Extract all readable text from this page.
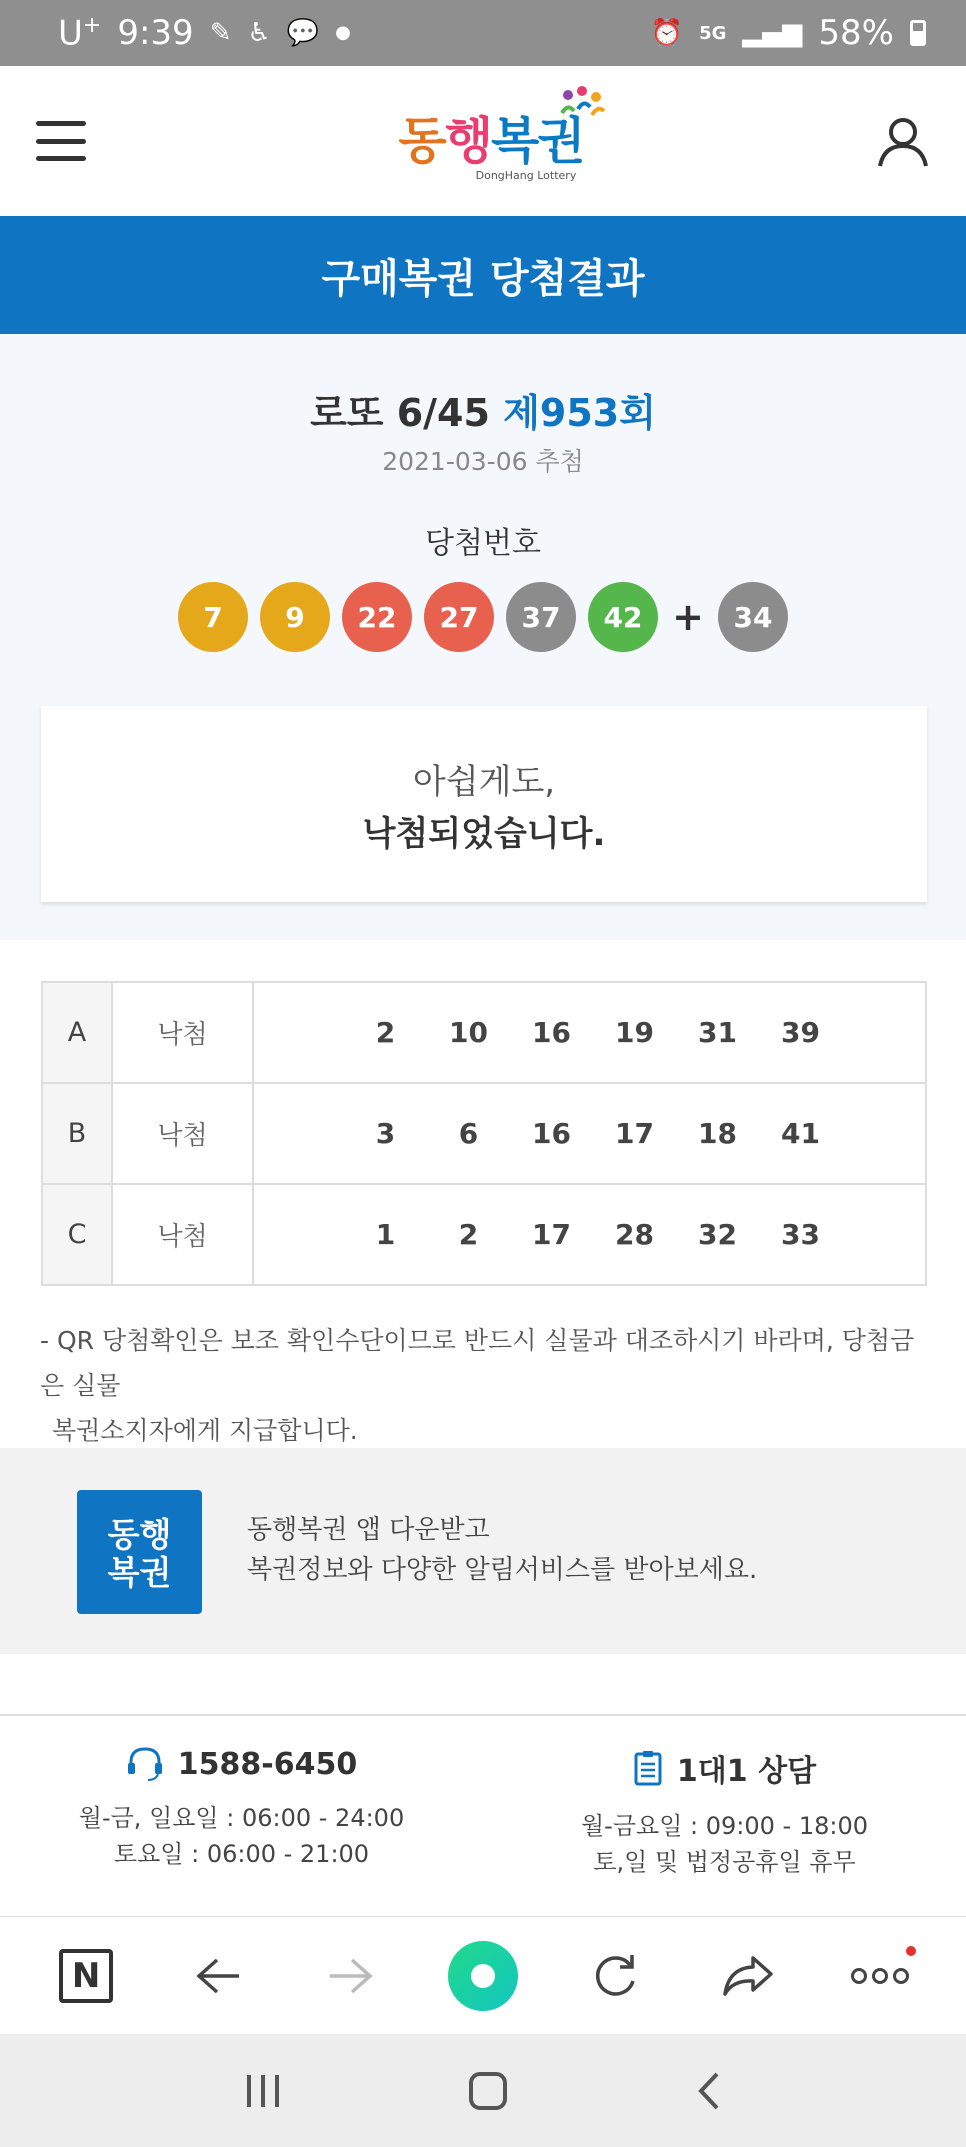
U+ 9:39 ✎ ♿ 💬 ●	⏰ 5G ▂▄▆ 58%
동행복권
DongHang Lottery
구매복권 당첨결과
로또 6/45 제953회
2021-03-06 추첨
당첨번호
7	9	22	27	37	42 +	34
아쉽게도,
낙첨되었습니다.
A	낙첨	2 10 16 19 31 39
B	낙첨	3 6 16 17 18 41
C	낙첨	1 2 17 28 32 33
- QR 당첨확인은 보조 확인수단이므로 반드시 실물과 대조하시기 바라며, 당첨금은 실물
복권소지자에게 지급합니다.
동행
복권
동행복권 앱 다운받고
복권정보와 다양한 알림서비스를 받아보세요.
1588-6450
월-금, 일요일 : 06:00 - 24:00
토요일 : 06:00 - 21:00
1대1 상담
월-금요일 : 09:00 - 18:00
토,일 및 법정공휴일 휴무
N
